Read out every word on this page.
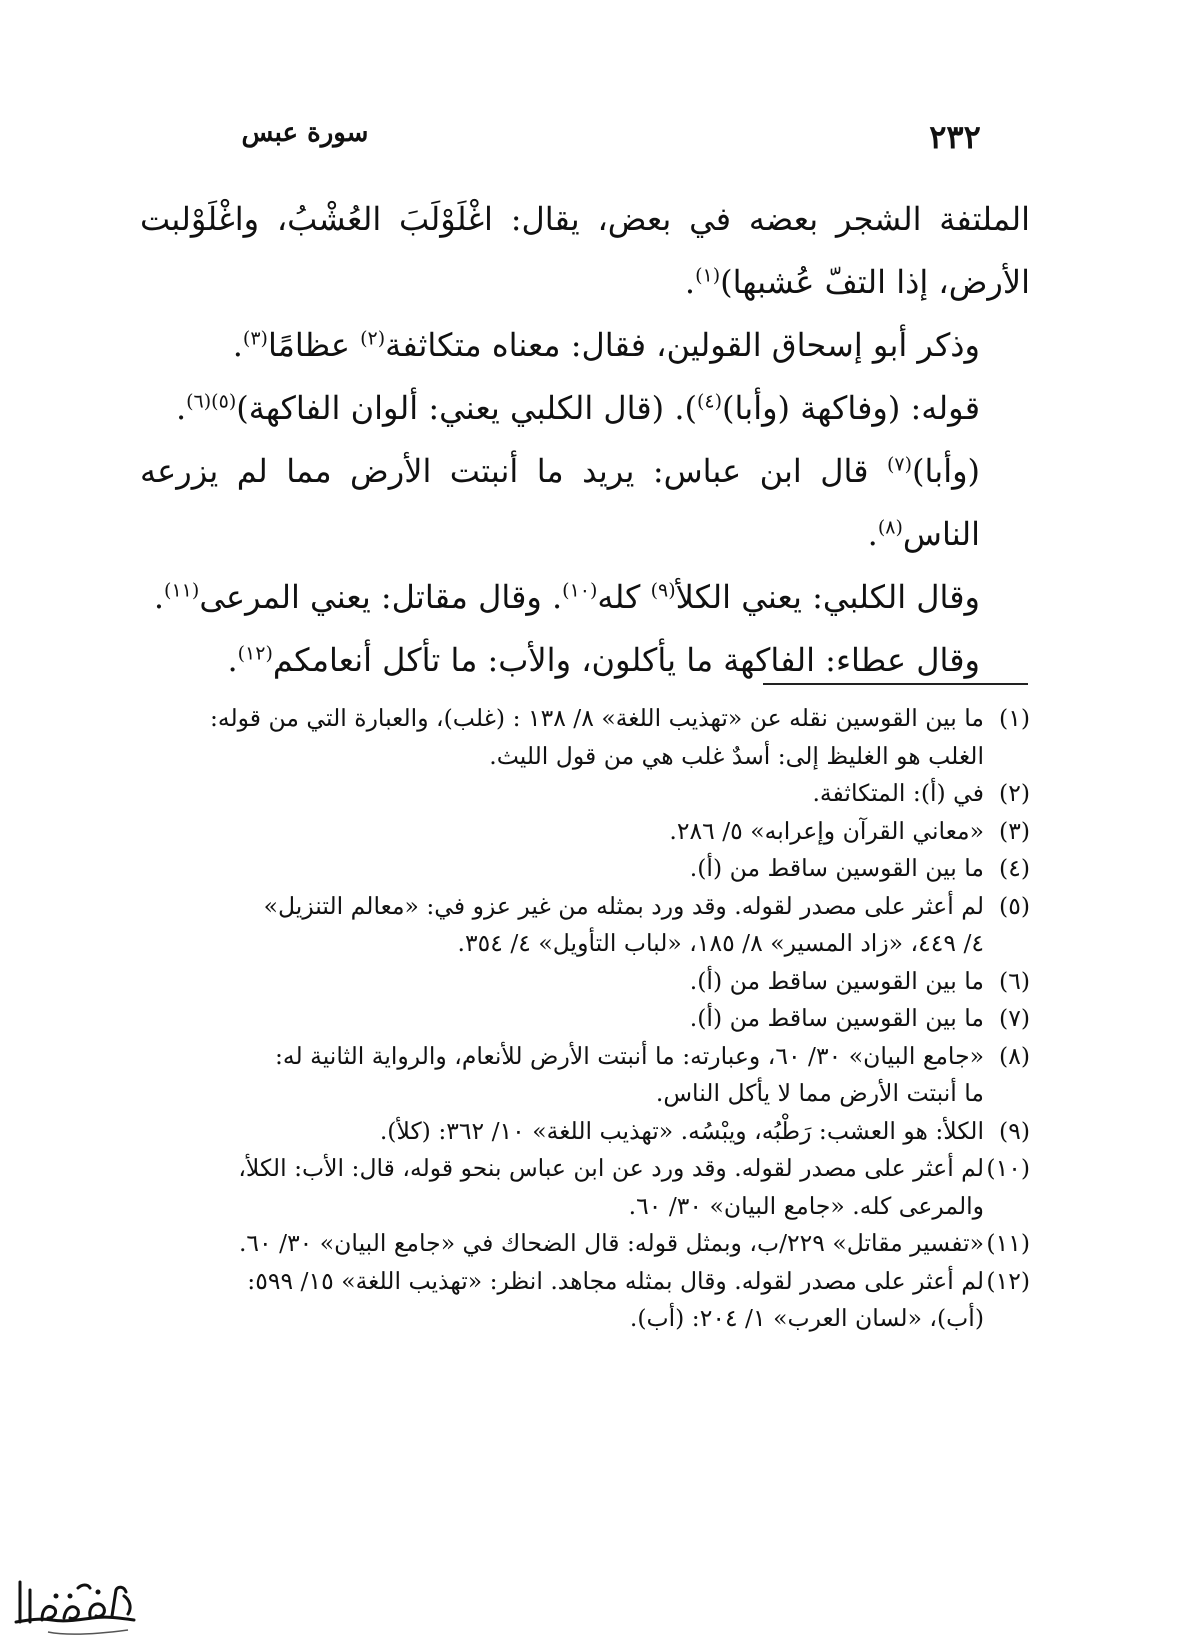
٢٣٢
سورة عبس

الملتفة الشجر بعضه في بعض، يقال: اغْلَوْلَبَ العُشْبُ، واغْلَوْلبت الأرض، إذا التفّ عُشبها)$^{(١)}$.

وذكر أبو إسحاق القولين، فقال: معناه متكاثفة$^{(٢)}$ عظامًا$^{(٣)}$.

قوله: (وفاكهة (وأبا)$^{(٤)}$). (قال الكلبي يعني: ألوان الفاكهة)$^{(٥)(٦)}$.

(وأبا)$^{(٧)}$ قال ابن عباس: يريد ما أنبتت الأرض مما لم يزرعه الناس$^{(٨)}$.

وقال الكلبي: يعني الكلأ$^{(٩)}$ كله$^{(١٠)}$. وقال مقاتل: يعني المرعى$^{(١١)}$.

وقال عطاء: الفاكهة ما يأكلون، والأب: ما تأكل أنعامكم$^{(١٢)}$.

(١)
ما بين القوسين نقله عن «تهذيب اللغة» ٨/ ١٣٨ : (غلب)، والعبارة التي من قوله:
الغلب هو الغليظ إلى: أسدٌ غلب هي من قول الليث.
(٢)
في (أ): المتكاثفة.
(٣)
«معاني القرآن وإعرابه» ٥/ ٢٨٦.
(٤)
ما بين القوسين ساقط من (أ).
(٥)
لم أعثر على مصدر لقوله. وقد ورد بمثله من غير عزو في: «معالم التنزيل»
٤/ ٤٤٩، «زاد المسير» ٨/ ١٨٥، «لباب التأويل» ٤/ ٣٥٤.
(٦)
ما بين القوسين ساقط من (أ).
(٧)
ما بين القوسين ساقط من (أ).
(٨)
«جامع البيان» ٣٠/ ٦٠، وعبارته: ما أنبتت الأرض للأنعام، والرواية الثانية له:
ما أنبتت الأرض مما لا يأكل الناس.
(٩)
الكلأ: هو العشب: رَطْبُه، ويبْسُه. «تهذيب اللغة» ١٠/ ٣٦٢: (كلأ).
(١٠)
لم أعثر على مصدر لقوله. وقد ورد عن ابن عباس بنحو قوله، قال: الأب: الكلأ،
والمرعى كله. «جامع البيان» ٣٠/ ٦٠.
(١١)
«تفسير مقاتل» ٢٢٩/ب، وبمثل قوله: قال الضحاك في «جامع البيان» ٣٠/ ٦٠.
(١٢)
لم أعثر على مصدر لقوله. وقال بمثله مجاهد. انظر: «تهذيب اللغة» ١٥/ ٥٩٩:
(أب)، «لسان العرب» ١/ ٢٠٤: (أب).
